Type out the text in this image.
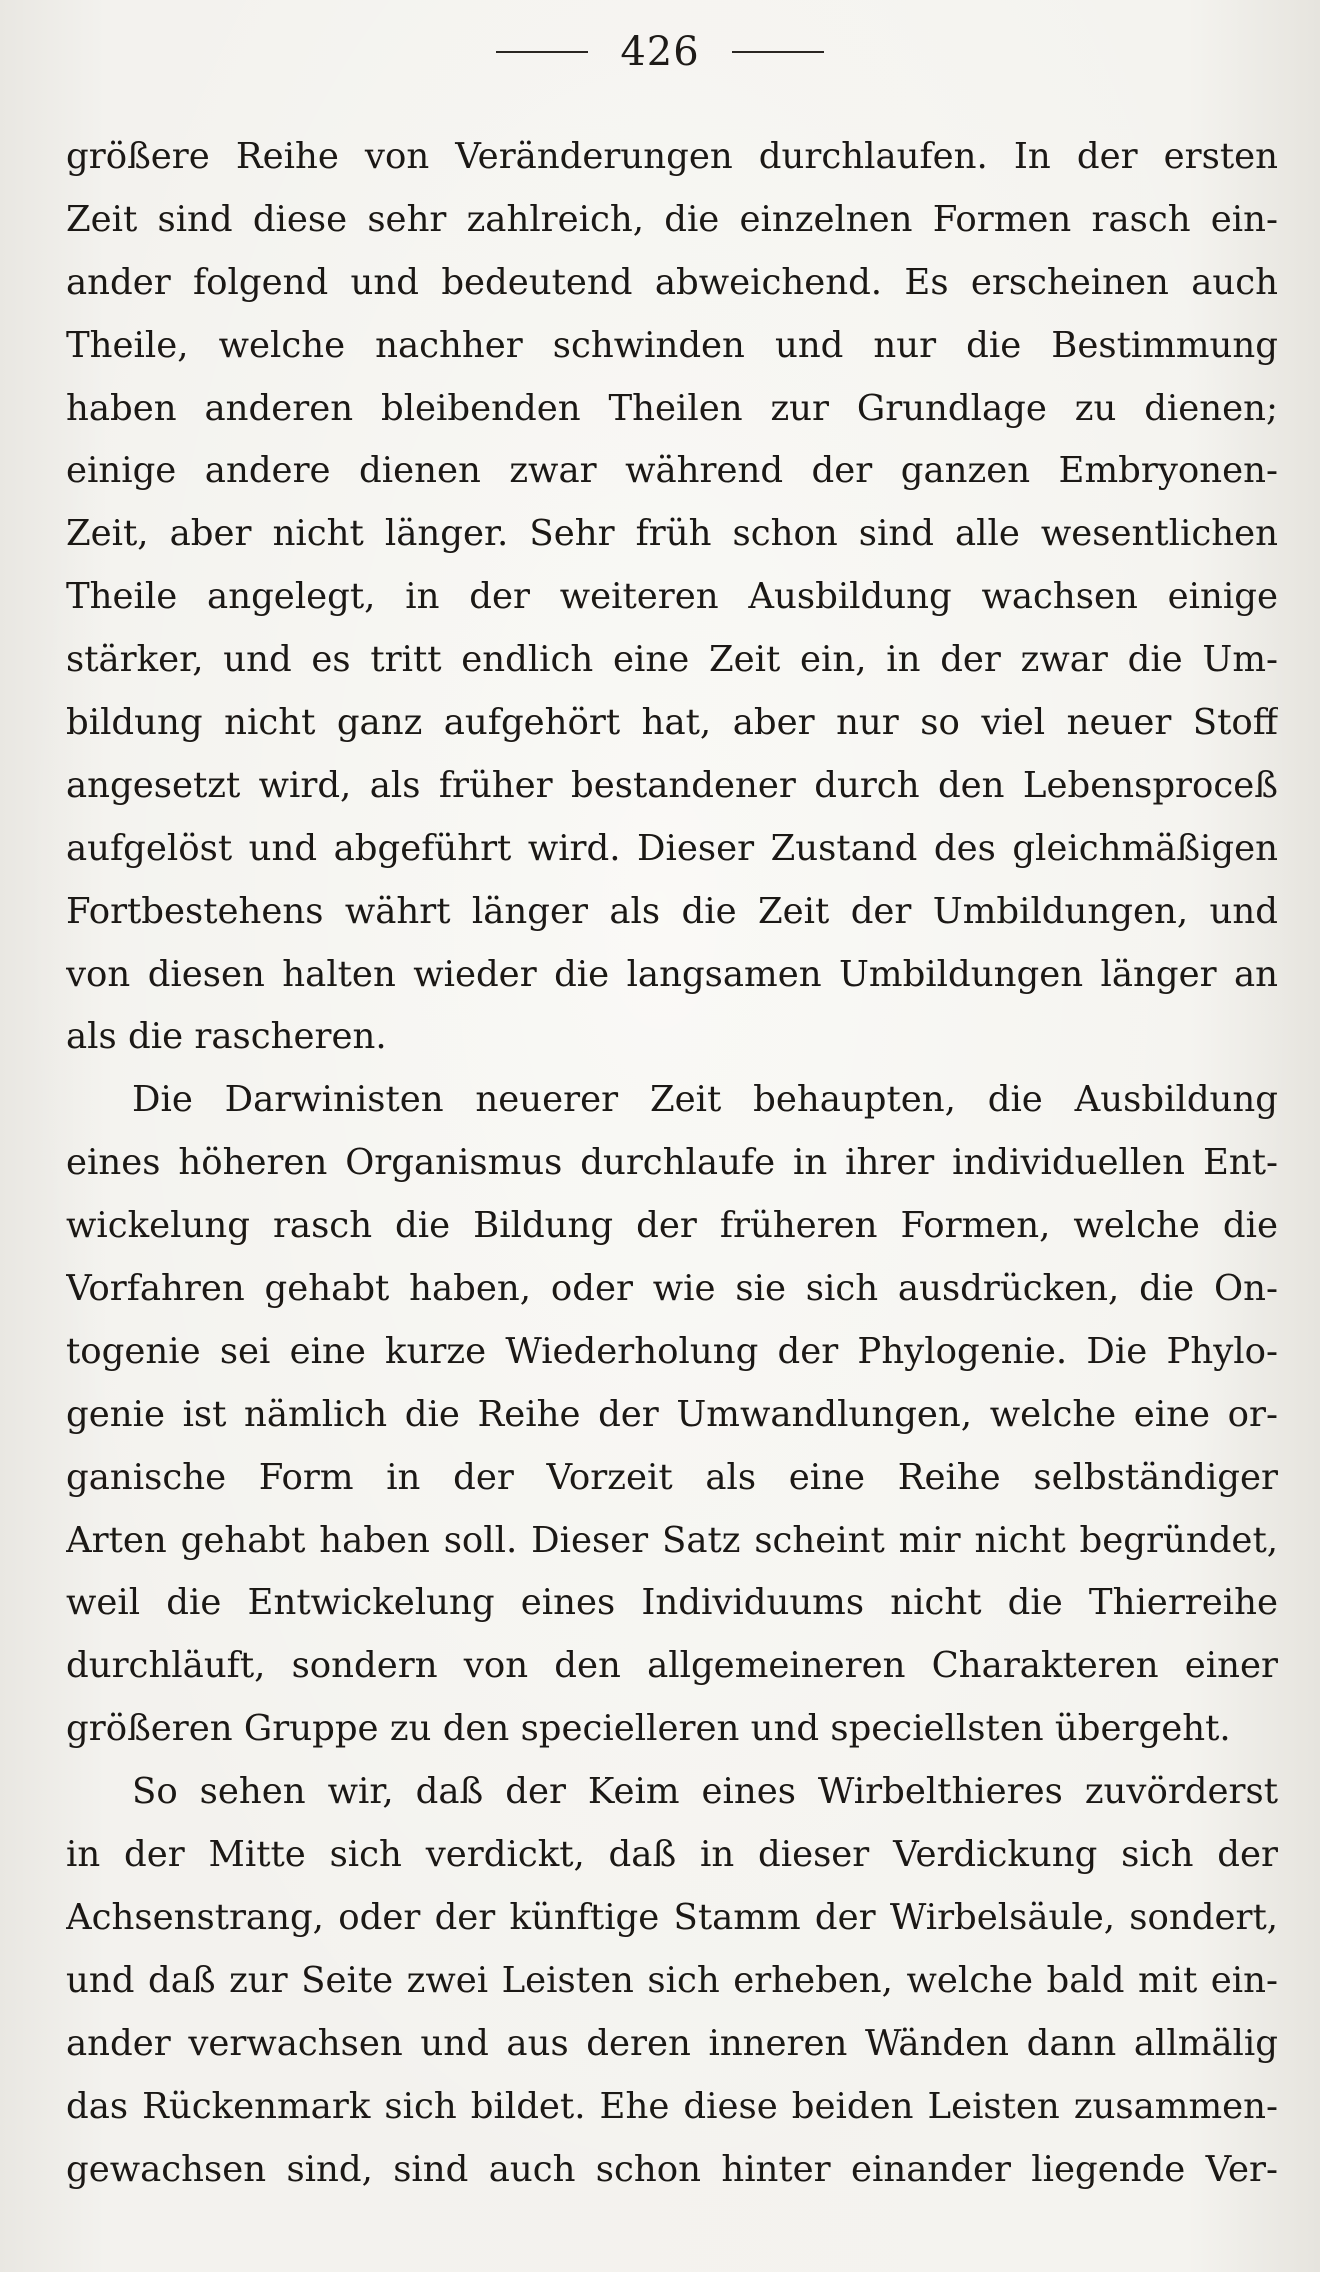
426
größere Reihe von Veränderungen durchlaufen. In der ersten
Zeit sind diese sehr zahlreich, die einzelnen Formen rasch ein-
ander folgend und bedeutend abweichend. Es erscheinen auch
Theile, welche nachher schwinden und nur die Bestimmung
haben anderen bleibenden Theilen zur Grundlage zu dienen;
einige andere dienen zwar während der ganzen Embryonen-
Zeit, aber nicht länger. Sehr früh schon sind alle wesentlichen
Theile angelegt, in der weiteren Ausbildung wachsen einige
stärker, und es tritt endlich eine Zeit ein, in der zwar die Um-
bildung nicht ganz aufgehört hat, aber nur so viel neuer Stoff
angesetzt wird, als früher bestandener durch den Lebensproceß
aufgelöst und abgeführt wird. Dieser Zustand des gleichmäßigen
Fortbestehens währt länger als die Zeit der Umbildungen, und
von diesen halten wieder die langsamen Umbildungen länger an
als die rascheren.
Die Darwinisten neuerer Zeit behaupten, die Ausbildung
eines höheren Organismus durchlaufe in ihrer individuellen Ent-
wickelung rasch die Bildung der früheren Formen, welche die
Vorfahren gehabt haben, oder wie sie sich ausdrücken, die On-
togenie sei eine kurze Wiederholung der Phylogenie. Die Phylo-
genie ist nämlich die Reihe der Umwandlungen, welche eine or-
ganische Form in der Vorzeit als eine Reihe selbständiger
Arten gehabt haben soll. Dieser Satz scheint mir nicht begründet,
weil die Entwickelung eines Individuums nicht die Thierreihe
durchläuft, sondern von den allgemeineren Charakteren einer
größeren Gruppe zu den specielleren und speciellsten übergeht.
So sehen wir, daß der Keim eines Wirbelthieres zuvörderst
in der Mitte sich verdickt, daß in dieser Verdickung sich der
Achsenstrang, oder der künftige Stamm der Wirbelsäule, sondert,
und daß zur Seite zwei Leisten sich erheben, welche bald mit ein-
ander verwachsen und aus deren inneren Wänden dann allmälig
das Rückenmark sich bildet. Ehe diese beiden Leisten zusammen-
gewachsen sind, sind auch schon hinter einander liegende Ver-
